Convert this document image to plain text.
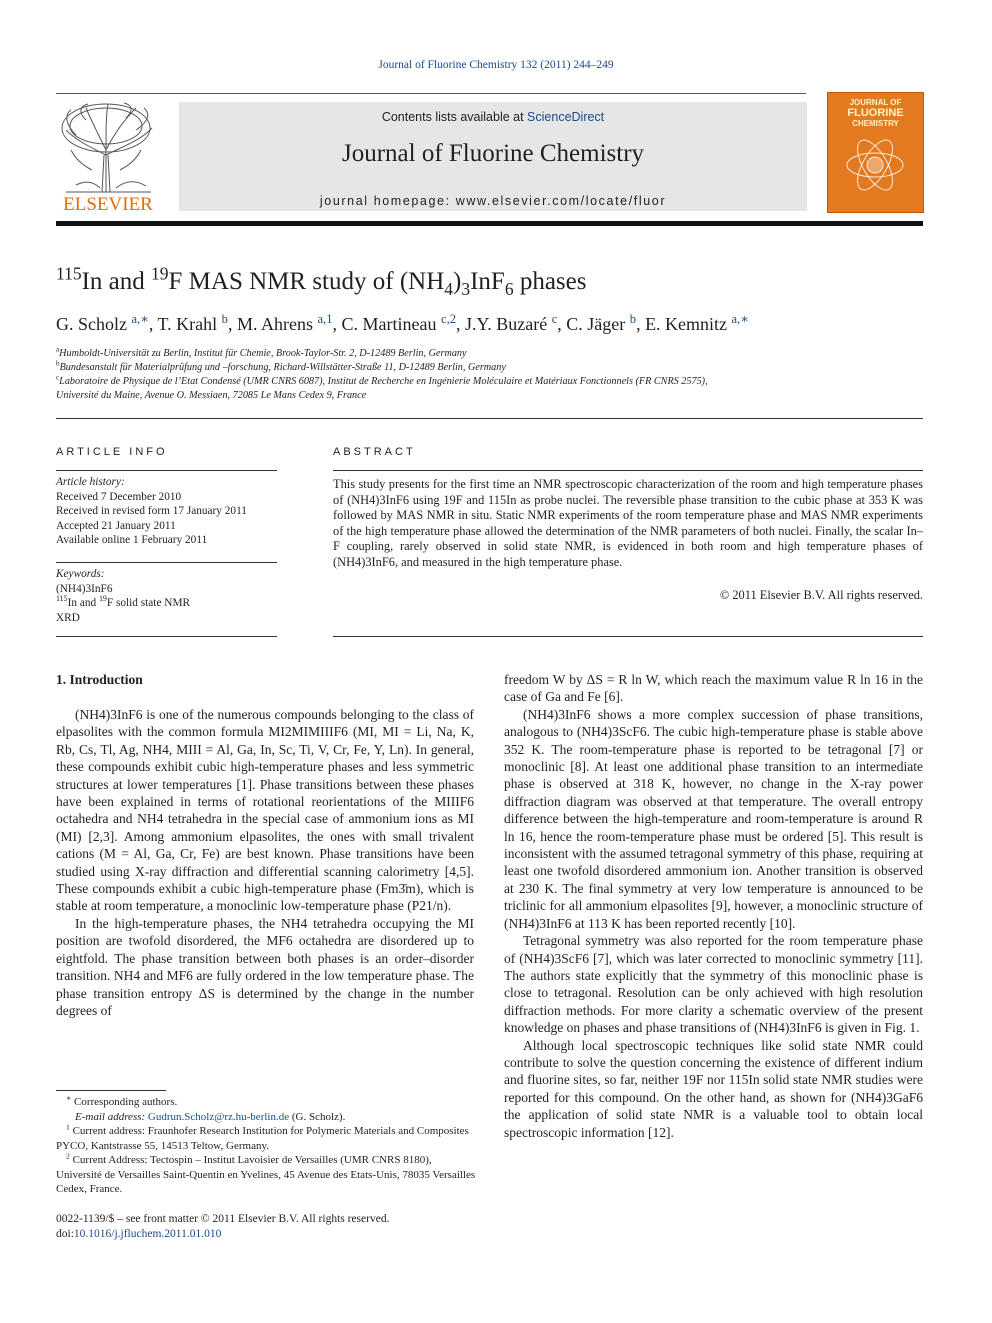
Journal of Fluorine Chemistry 132 (2011) 244–249
ELSEVIER
Contents lists available at ScienceDirect
Journal of Fluorine Chemistry
journal homepage: www.elsevier.com/locate/fluor
JOURNAL OF
FLUORINE
CHEMISTRY
$^{115}$In and $^{19}$F MAS NMR study of $(NH_4)_3InF_6$ phases
G. Scholz $^{a,∗}$, T. Krahl $^b$, M. Ahrens $^{a,1}$, C. Martineau $^{c,2}$, J.Y. Buzaré $^c$, C. Jäger $^b$, E. Kemnitz $^{a,∗}$
$^a$Humboldt-Universität zu Berlin, Institut für Chemie, Brook-Taylor-Str. 2, D-12489 Berlin, Germany
$^b$Bundesanstalt für Materialprüfung und –forschung, Richard-Willstätter-Straße 11, D-12489 Berlin, Germany
$^c$Laboratoire de Physique de l’Etat Condensé (UMR CNRS 6087), Institut de Recherche en Ingénierie Moléculaire et Matériaux Fonctionnels (FR CNRS 2575),
Université du Maine, Avenue O. Messiaen, 72085 Le Mans Cedex 9, France
ARTICLE INFO
Article history:
Received 7 December 2010
Received in revised form 17 January 2011
Accepted 21 January 2011
Available online 1 February 2011
Keywords:
(NH4)3InF6
$^{115}$In and $^{19}$F solid state NMR
XRD
ABSTRACT
This study presents for the first time an NMR spectroscopic characterization of the room and high temperature phases of (NH4)3InF6 using 19F and 115In as probe nuclei. The reversible phase transition to the cubic phase at 353 K was followed by MAS NMR in situ. Static NMR experiments of the room temperature phase and MAS NMR experiments of the high temperature phase allowed the determination of the NMR parameters of both nuclei. Finally, the scalar In–F coupling, rarely observed in solid state NMR, is evidenced in both room and high temperature phases of (NH4)3InF6, and measured in the high temperature phase.
© 2011 Elsevier B.V. All rights reserved.
1. Introduction

(NH4)3InF6 is one of the numerous compounds belonging to the class of elpasolites with the common formula MI2MIMIIIF6 (MI, MI = Li, Na, K, Rb, Cs, Tl, Ag, NH4, MIII = Al, Ga, In, Sc, Ti, V, Cr, Fe, Y, Ln). In general, these compounds exhibit cubic high-temperature phases and less symmetric structures at lower temperatures [1]. Phase transitions between these phases have been explained in terms of rotational reorientations of the MIIIF6 octahedra and NH4 tetrahedra in the special case of ammonium ions as MI (MI) [2,3]. Among ammonium elpasolites, the ones with small trivalent cations (M = Al, Ga, Cr, Fe) are best known. Phase transitions have been studied using X-ray diffraction and differential scanning calorimetry [4,5]. These compounds exhibit a cubic high-temperature phase (Fm3̄m), which is stable at room temperature, a monoclinic low-temperature phase (P21/n).

In the high-temperature phases, the NH4 tetrahedra occupying the MI position are twofold disordered, the MF6 octahedra are disordered up to eightfold. The phase transition between both phases is an order–disorder transition. NH4 and MF6 are fully ordered in the low temperature phase. The phase transition entropy ΔS is determined by the change in the number degrees of

freedom W by ΔS = R ln W, which reach the maximum value R ln 16 in the case of Ga and Fe [6].

(NH4)3InF6 shows a more complex succession of phase transitions, analogous to (NH4)3ScF6. The cubic high-temperature phase is stable above 352 K. The room-temperature phase is reported to be tetragonal [7] or monoclinic [8]. At least one additional phase transition to an intermediate phase is observed at 318 K, however, no change in the X-ray power diffraction diagram was observed at that temperature. The overall entropy difference between the high-temperature and room-temperature is around R ln 16, hence the room-temperature phase must be ordered [5]. This result is inconsistent with the assumed tetragonal symmetry of this phase, requiring at least one twofold disordered ammonium ion. Another transition is observed at 230 K. The final symmetry at very low temperature is announced to be triclinic for all ammonium elpasolites [9], however, a monoclinic structure of (NH4)3InF6 at 113 K has been reported recently [10].

Tetragonal symmetry was also reported for the room temperature phase of (NH4)3ScF6 [7], which was later corrected to monoclinic symmetry [11]. The authors state explicitly that the symmetry of this monoclinic phase is close to tetragonal. Resolution can be only achieved with high resolution diffraction methods. For more clarity a schematic overview of the present knowledge on phases and phase transitions of (NH4)3InF6 is given in Fig. 1.

Although local spectroscopic techniques like solid state NMR could contribute to solve the question concerning the existence of different indium and fluorine sites, so far, neither 19F nor 115In solid state NMR studies were reported for this compound. On the other hand, as shown for (NH4)3GaF6 the application of solid state NMR is a valuable tool to obtain local spectroscopic information [12].

∗ Corresponding authors.

E-mail address: Gudrun.Scholz@rz.hu-berlin.de (G. Scholz).

$^1$ Current address: Fraunhofer Research Institution for Polymeric Materials and Composites PYCO, Kantstrasse 55, 14513 Teltow, Germany.

$^2$ Current Address: Tectospin – Institut Lavoisier de Versailles (UMR CNRS 8180), Université de Versailles Saint-Quentin en Yvelines, 45 Avenue des Etats-Unis, 78035 Versailles Cedex, France.

0022-1139/$ – see front matter © 2011 Elsevier B.V. All rights reserved.
doi:10.1016/j.jfluchem.2011.01.010
